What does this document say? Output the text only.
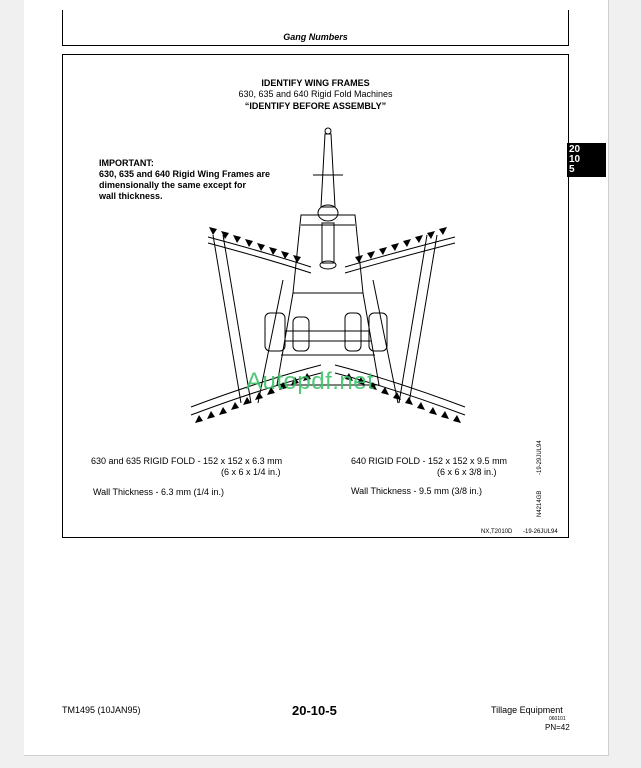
Gang Numbers
IDENTIFY WING FRAMES
630, 635 and 640 Rigid Fold Machines
“IDENTIFY BEFORE ASSEMBLY”
IMPORTANT:
630, 635 and 640 Rigid Wing Frames are
dimensionally the same except for
wall thickness.
630 and 635 RIGID FOLD - 152 x 152 x 6.3 mm
(6 x 6 x 1/4 in.)
Wall Thickness - 6.3 mm (1/4 in.)
640 RIGID FOLD - 152 x 152 x 9.5 mm
(6 x 6 x 3/8 in.)
Wall Thickness - 9.5 mm (3/8 in.)	N4214GB
-19-29JUL94
NX,T2010D -19-26JUL94
20
10
5
Autopdf.net
TM1495 (10JAN95)	20-10-5	Tillage Equipment
060101
PN=42
